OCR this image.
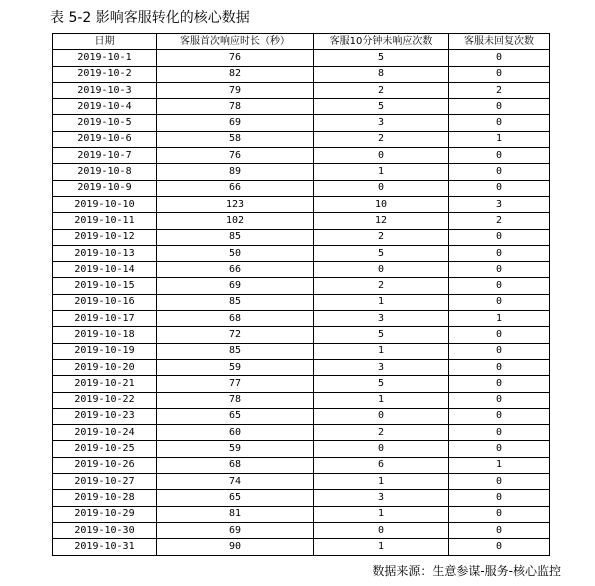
表 5-2 影响客服转化的核心数据
日期	客服首次响应时长（秒）	客服10分钟未响应次数	客服未回复次数
2019-10-1	76	5	0
2019-10-2	82	8	0
2019-10-3	79	2	2
2019-10-4	78	5	0
2019-10-5	69	3	0
2019-10-6	58	2	1
2019-10-7	76	0	0
2019-10-8	89	1	0
2019-10-9	66	0	0
2019-10-10	123	10	3
2019-10-11	102	12	2
2019-10-12	85	2	0
2019-10-13	50	5	0
2019-10-14	66	0	0
2019-10-15	69	2	0
2019-10-16	85	1	0
2019-10-17	68	3	1
2019-10-18	72	5	0
2019-10-19	85	1	0
2019-10-20	59	3	0
2019-10-21	77	5	0
2019-10-22	78	1	0
2019-10-23	65	0	0
2019-10-24	60	2	0
2019-10-25	59	0	0
2019-10-26	68	6	1
2019-10-27	74	1	0
2019-10-28	65	3	0
2019-10-29	81	1	0
2019-10-30	69	0	0
2019-10-31	90	1	0
数据来源：生意参谋-服务-核心监控
